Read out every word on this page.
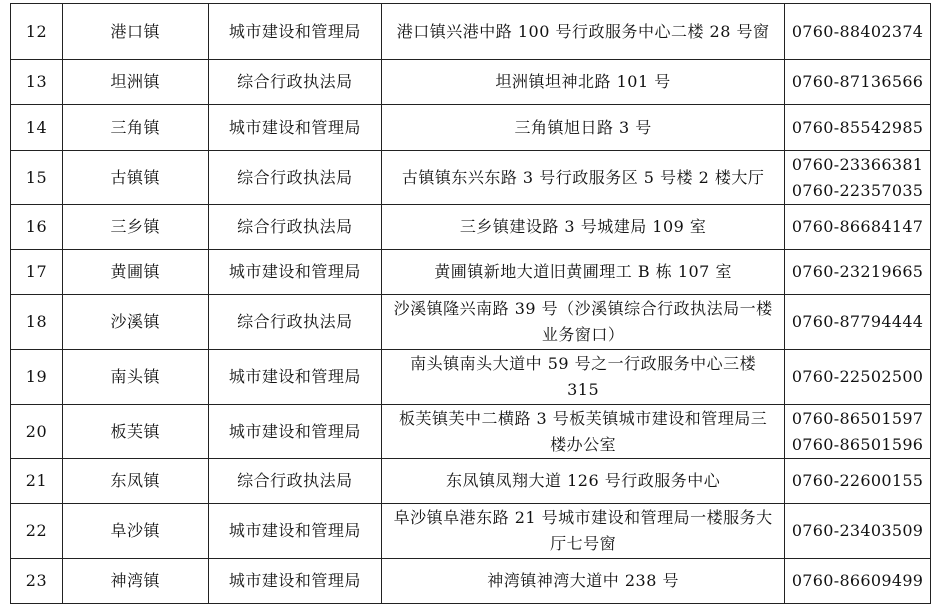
12	港口镇	城市建设和管理局	港口镇兴港中路 100 号行政服务中心二楼 28 号窗	0760-88402374

13	坦洲镇	综合行政执法局	坦洲镇坦神北路 101 号	0760-87136566

14	三角镇	城市建设和管理局	三角镇旭日路 3 号	0760-85542985

15	古镇镇	综合行政执法局	古镇镇东兴东路 3 号行政服务区 5 号楼 2 楼大厅	0760-23366381
0760-22357035

16	三乡镇	综合行政执法局	三乡镇建设路 3 号城建局 109 室	0760-86684147

17	黄圃镇	城市建设和管理局	黄圃镇新地大道旧黄圃理工 B 栋 107 室	0760-23219665

18	沙溪镇	综合行政执法局	沙溪镇隆兴南路 39 号（沙溪镇综合行政执法局一楼业务窗口）	0760-87794444

19	南头镇	城市建设和管理局	南头镇南头大道中 59 号之一行政服务中心三楼 315	0760-22502500

20	板芙镇	城市建设和管理局	板芙镇芙中二横路 3 号板芙镇城市建设和管理局三楼办公室	0760-86501597
0760-86501596

21	东凤镇	综合行政执法局	东凤镇凤翔大道 126 号行政服务中心	0760-22600155

22	阜沙镇	城市建设和管理局	阜沙镇阜港东路 21 号城市建设和管理局一楼服务大厅七号窗	0760-23403509

23	神湾镇	城市建设和管理局	神湾镇神湾大道中 238 号	0760-86609499
